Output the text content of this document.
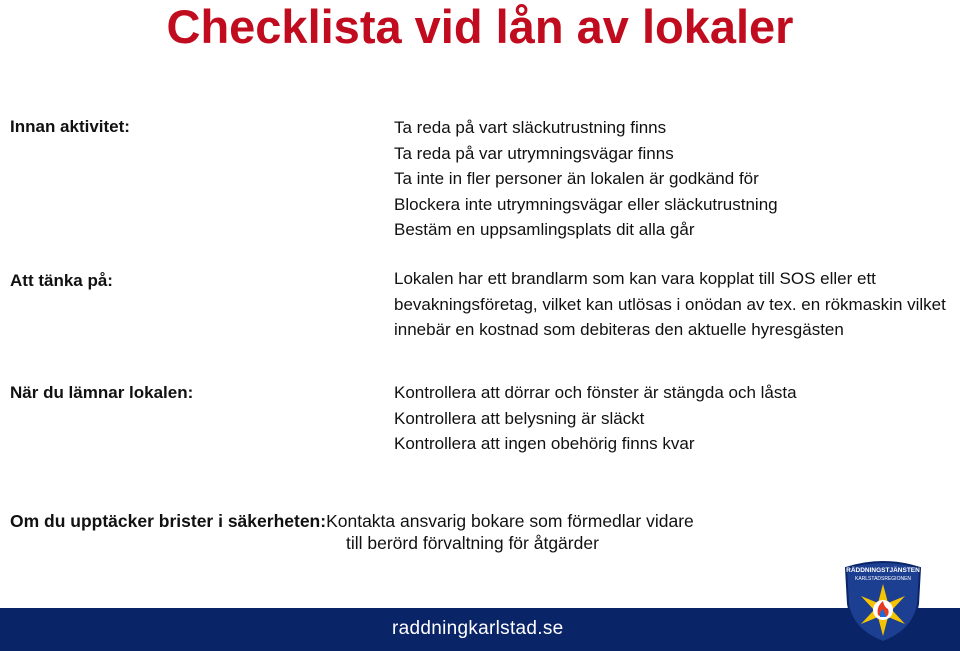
Checklista vid lån av lokaler
Innan aktivitet:	Ta reda på vart släckutrustning finns
Ta reda på var utrymningsvägar finns
Ta inte in fler personer än lokalen är godkänd för
Blockera inte utrymningsvägar eller släckutrustning
Bestäm en uppsamlingsplats dit alla går
Att tänka på:	Lokalen har ett brandlarm som kan vara kopplat till SOS eller ett bevakningsföretag, vilket kan utlösas i onödan av tex. en rökmaskin vilket innebär en kostnad som debiteras den aktuelle hyresgästen
När du lämnar lokalen:	Kontrollera att dörrar och fönster är stängda och låsta
Kontrollera att belysning är släckt
Kontrollera att ingen obehörig finns kvar
Om du upptäcker brister i säkerheten:Kontakta ansvarig bokare som förmedlar vidare
till berörd förvaltning för åtgärder
raddningkarlstad.se
RÄDDNINGSTJÄNSTEN
KARLSTADSREGIONEN
